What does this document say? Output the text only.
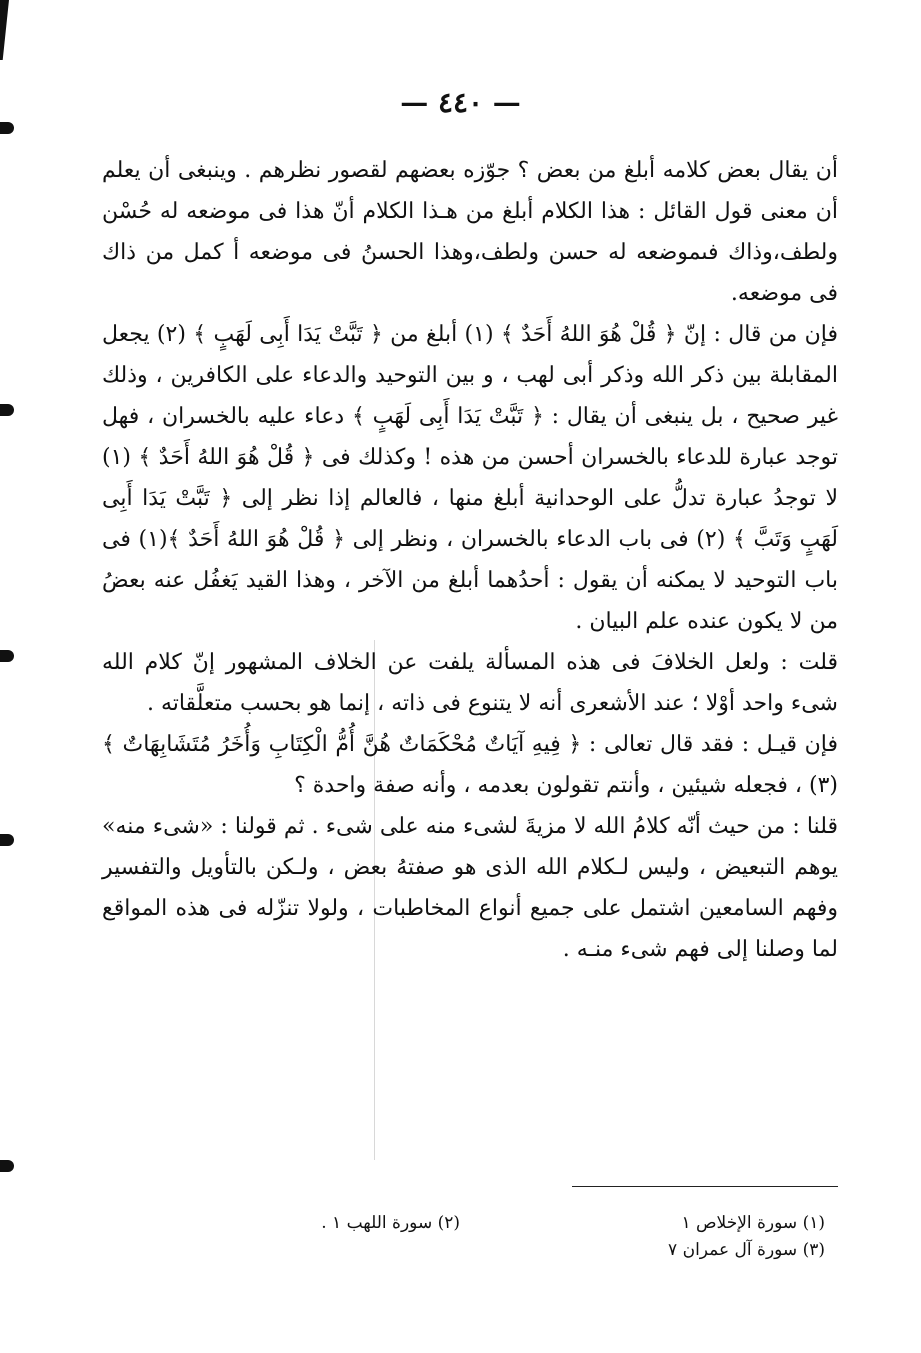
— ٤٤٠ —

أن يقال بعض كلامه أبلغ من بعض ؟ جوّزه بعضهم لقصور نظرهم . وينبغى أن يعلم أن معنى قول القائل : هذا الكلام أبلغ من هـذا الكلام أنّ هذا فى موضعه له حُسْن ولطف،وذاك فىموضعه له حسن ولطف،وهذا الحسنُ فى موضعه أ كمل من ذاك فى موضعه.

فإن من قال : إنّ ﴿ قُلْ هُوَ اللهُ أَحَدٌ ﴾ (١) أبلغ من ﴿ تَبَّتْ يَدَا أَبِى لَهَبٍ ﴾ (٢) يجعل المقابلة بين ذكر الله وذكر أبى لهب ، و بين التوحيد والدعاء على الكافرين ، وذلك غير صحيح ، بل ينبغى أن يقال : ﴿ تَبَّتْ يَدَا أَبِى لَهَبٍ ﴾ دعاء عليه بالخسران ، فهل توجد عبارة للدعاء بالخسران أحسن من هذه ! وكذلك فى ﴿ قُلْ هُوَ اللهُ أَحَدٌ ﴾ (١) لا توجدُ عبارة تدلُّ على الوحدانية أبلغ منها ، فالعالم إذا نظر إلى ﴿ تَبَّتْ يَدَا أَبِى لَهَبٍ وَتَبَّ ﴾ (٢) فى باب الدعاء بالخسران ، ونظر إلى ﴿ قُلْ هُوَ اللهُ أَحَدٌ ﴾(١) فى باب التوحيد لا يمكنه أن يقول : أحدُهما أبلغ من الآخر ، وهذا القيد يَغفُل عنه بعضُ من لا يكون عنده علم البيان .

قلت : ولعل الخلافَ فى هذه المسألة يلفت عن الخلاف المشهور إنّ كلام الله شىء واحد أوْلا ؛ عند الأشعرى أنه لا يتنوع فى ذاته ، إنما هو بحسب متعلَّقاته .

فإن قيـل : فقد قال تعالى : ﴿ فِيهِ آيَاتٌ مُحْكَمَاتٌ هُنَّ أُمُّ الْكِتَابِ وَأُخَرُ مُتَشَابِهَاتٌ ﴾ (٣) ، فجعله شيئين ، وأنتم تقولون بعدمه ، وأنه صفة واحدة ؟

قلنا : من حيث أنّه كلامُ الله لا مزيةَ لشىء منه على شىء . ثم قولنا : «شىء منه» يوهم التبعيض ، وليس لـكلام الله الذى هو صفتهُ بعض ، ولـكن بالتأويل والتفسير وفهم السامعين اشتمل على جميع أنواع المخاطبات ، ولولا تنزّله فى هذه المواقع لما وصلنا إلى فهم شىء منـه .

(١) سورة الإخلاص ١
(٣) سورة آل عمران ٧
(٢) سورة اللهب ١ .
